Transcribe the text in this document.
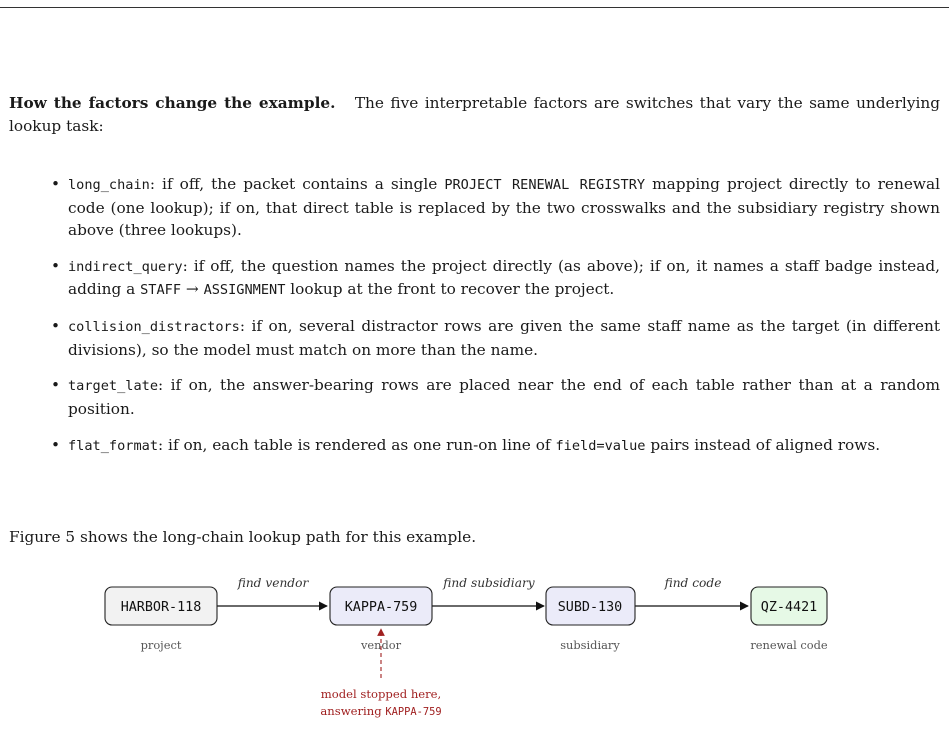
How the factors change the example. The five interpretable factors are switches that vary the same underlying lookup task:

• long_chain: if off, the packet contains a single PROJECT RENEWAL REGISTRY mapping project directly to renewal code (one lookup); if on, that direct table is replaced by the two crosswalks and the subsidiary registry shown above (three lookups).
• indirect_query: if off, the question names the project directly (as above); if on, it names a staff badge instead, adding a STAFF → ASSIGNMENT lookup at the front to recover the project.
• collision_distractors: if on, several distractor rows are given the same staff name as the target (in different divisions), so the model must match on more than the name.
• target_late: if on, the answer-bearing rows are placed near the end of each table rather than at a random position.
• flat_format: if on, each table is rendered as one run-on line of field=value pairs instead of aligned rows.
Figure 5 shows the long-chain lookup path for this example.
find vendor	find subsidiary	find code
HARBOR-118
project
KAPPA-759
vendor
SUBD-130
subsidiary
QZ-4421
renewal code
model stopped here,
answering KAPPA-759
